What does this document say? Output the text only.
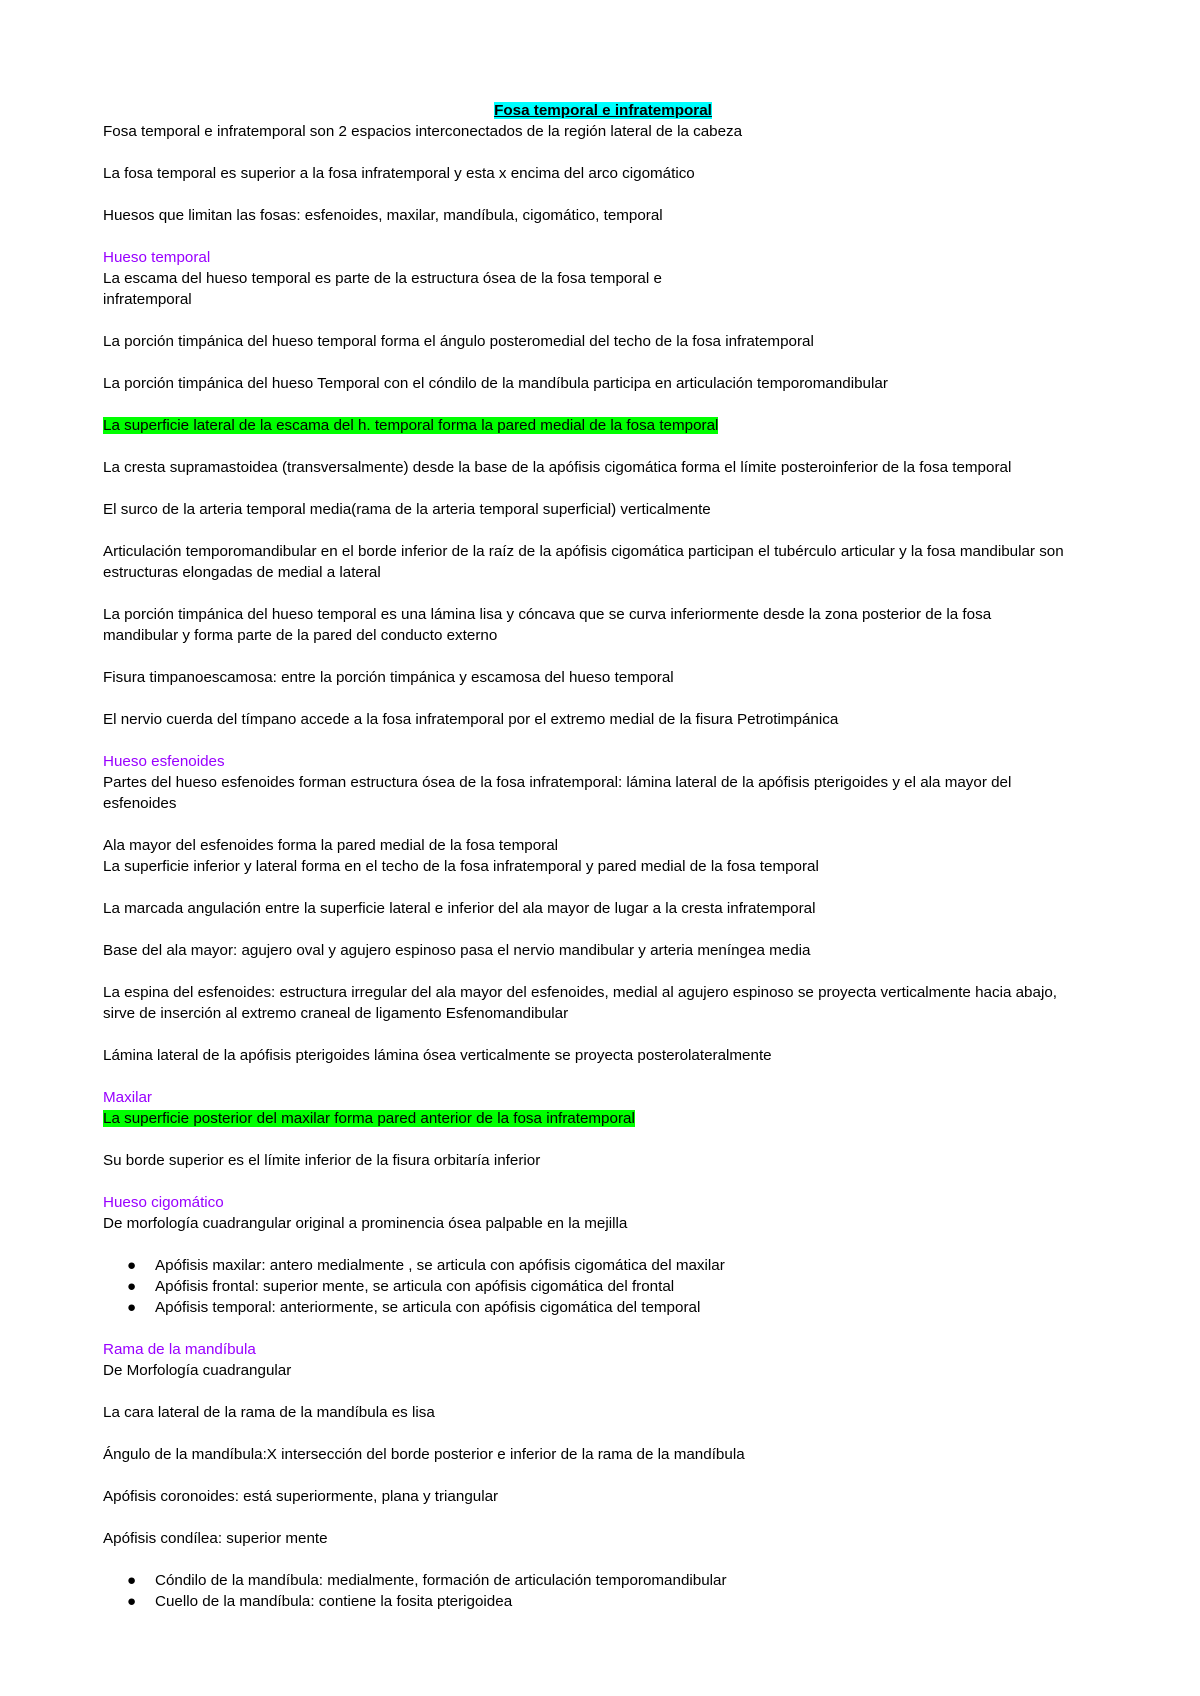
Fosa temporal e infratemporal

Fosa temporal e infratemporal son 2 espacios interconectados de la región lateral de la cabeza

La fosa temporal es superior a la fosa infratemporal y esta x encima del arco cigomático

Huesos que limitan las fosas: esfenoides, maxilar, mandíbula, cigomático, temporal

Hueso temporal

La escama del hueso temporal es parte de la estructura ósea de la fosa temporal e

infratemporal

La porción timpánica del hueso temporal forma el ángulo posteromedial del techo de la fosa infratemporal

La porción timpánica del hueso Temporal con el cóndilo de la mandíbula participa en articulación temporomandibular

La superficie lateral de la escama del h. temporal forma la pared medial de la fosa temporal

La cresta supramastoidea (transversalmente) desde la base de la apófisis cigomática forma el límite posteroinferior de la fosa temporal

El surco de la arteria temporal media(rama de la arteria temporal superficial) verticalmente

Articulación temporomandibular en el borde inferior de la raíz de la apófisis cigomática participan el tubérculo articular y la fosa mandibular son

estructuras elongadas de medial a lateral

La porción timpánica del hueso temporal es una lámina lisa y cóncava que se curva inferiormente desde la zona posterior de la fosa

mandibular y forma parte de la pared del conducto externo

Fisura timpanoescamosa: entre la porción timpánica y escamosa del hueso temporal

El nervio cuerda del tímpano accede a la fosa infratemporal por el extremo medial de la fisura Petrotimpánica

Hueso esfenoides

Partes del hueso esfenoides forman estructura ósea de la fosa infratemporal: lámina lateral de la apófisis pterigoides y el ala mayor del

esfenoides

Ala mayor del esfenoides forma la pared medial de la fosa temporal

La superficie inferior y lateral forma en el techo de la fosa infratemporal y pared medial de la fosa temporal

La marcada angulación entre la superficie lateral e inferior del ala mayor de lugar a la cresta infratemporal

Base del ala mayor: agujero oval y agujero espinoso pasa el nervio mandibular y arteria meníngea media

La espina del esfenoides: estructura irregular del ala mayor del esfenoides, medial al agujero espinoso se proyecta verticalmente hacia abajo,

sirve de inserción al extremo craneal de ligamento Esfenomandibular

Lámina lateral de la apófisis pterigoides lámina ósea verticalmente se proyecta posterolateralmente

Maxilar

La superficie posterior del maxilar forma pared anterior de la fosa infratemporal

Su borde superior es el límite inferior de la fisura orbitaría inferior

Hueso cigomático

De morfología cuadrangular original a prominencia ósea palpable en la mejilla

● Apófisis maxilar: antero medialmente , se articula con apófisis cigomática del maxilar
● Apófisis frontal: superior mente, se articula con apófisis cigomática del frontal
● Apófisis temporal: anteriormente, se articula con apófisis cigomática del temporal

Rama de la mandíbula

De Morfología cuadrangular

La cara lateral de la rama de la mandíbula es lisa

Ángulo de la mandíbula:X intersección del borde posterior e inferior de la rama de la mandíbula

Apófisis coronoides: está superiormente, plana y triangular

Apófisis condílea: superior mente

● Cóndilo de la mandíbula: medialmente, formación de articulación temporomandibular
● Cuello de la mandíbula: contiene la fosita pterigoidea
